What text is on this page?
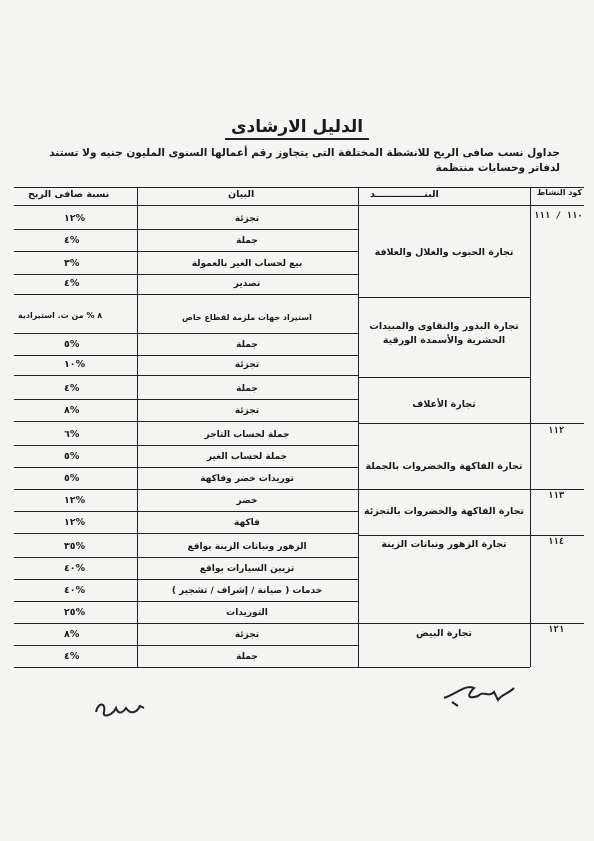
الدليل الارشادى
جداول نسب صافى الربح للانشطة المختلفة التى يتجاوز رقم أعمالها السنوى المليون جنيه ولا تستند لدفاتر وحسابات منتظمة
كود النشاط
البنـــــــــــــــد
البيان
نسبة صافى الربح
١١٠ / ١١١
١١٢
١١٣
١١٤
١٢١
تجارة الحبوب والغلال والعلافة
تجارة البذور والتقاوى والمبيدات الحشرية والأسمدة الورقية
تجارة الأعلاف
تجارة الفاكهة والخضروات بالجملة
تجارة الفاكهة والخضروات بالتجزئة
تجارة الزهور ونباتات الزينة
تجارة البيض
تجزئة
%١٢
جملة
%٤
بيع لحساب الغير بالعمولة
%٣
تصدير
%٤
استيراد جهات ملزمة لقطاع خاص
٨ % من ت. استيرادية
جملة
%٥
تجزئة
%١٠
جملة
%٤
تجزئة
%٨
جملة لحساب التاجر
%٦
جملة لحساب الغير
%٥
توريدات خضر وفاكهة
%٥
خضر
%١٢
فاكهة
%١٢
الزهور ونباتات الزينة بواقع
%٣٥
تزيين السيارات بواقع
%٤٠
خدمات ( صيانة / إشراف / تشجير )
%٤٠
التوريدات
%٢٥
تجزئة
%٨
جملة
%٤
